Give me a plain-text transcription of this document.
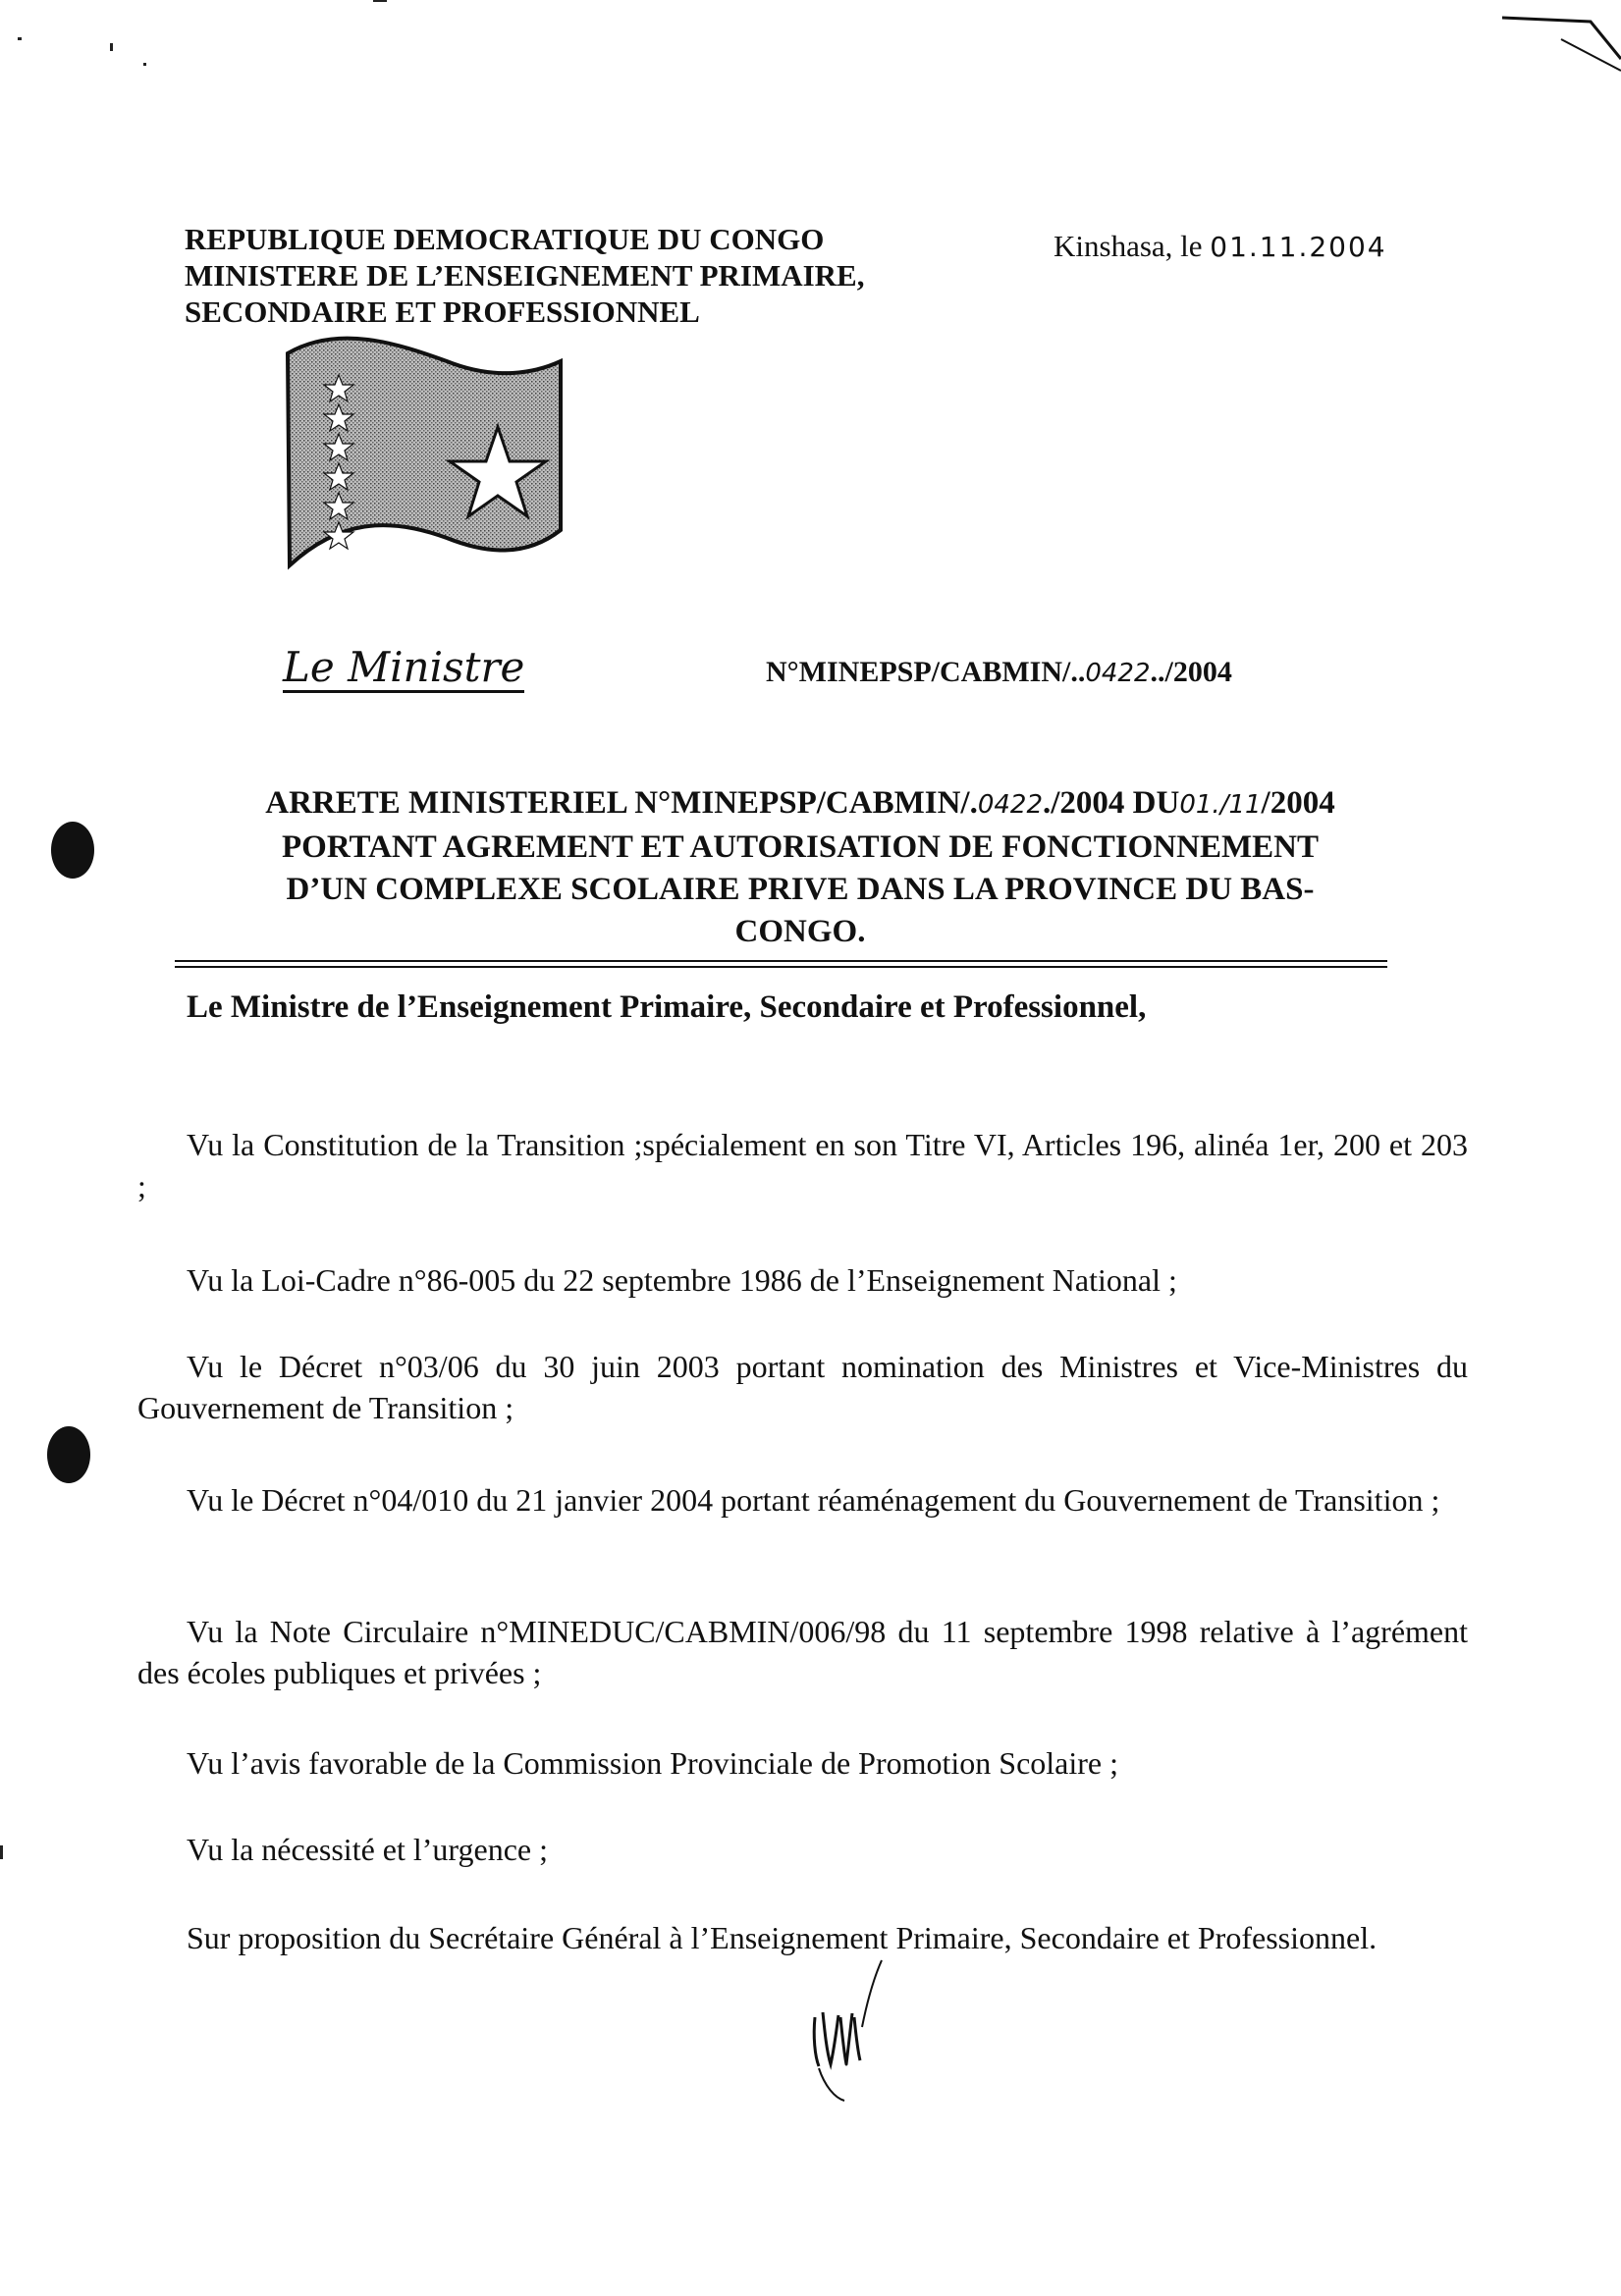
REPUBLIQUE DEMOCRATIQUE DU CONGO
MINISTERE DE L’ENSEIGNEMENT PRIMAIRE,
SECONDAIRE ET PROFESSIONNEL
Kinshasa, le 01.11.2004
Le Ministre	N°MINEPSP/CABMIN/..0422../2004
ARRETE MINISTERIEL N°MINEPSP/CABMIN/.0422./2004 DU01./11/2004
PORTANT AGREMENT ET AUTORISATION DE FONCTIONNEMENT
D’UN COMPLEXE SCOLAIRE PRIVE DANS LA PROVINCE DU BAS-
CONGO.
Le Ministre de l’Enseignement Primaire, Secondaire et Professionnel,
Vu la Constitution de la Transition ;spécialement en son Titre VI, Articles 196, alinéa 1er, 200 et 203 ;
Vu la Loi-Cadre n°86-005 du 22 septembre 1986 de l’Enseignement National ;
Vu le Décret n°03/06 du 30 juin 2003 portant nomination des Ministres et Vice-Ministres du Gouvernement de Transition ;
Vu le Décret n°04/010 du 21 janvier 2004 portant réaménagement du Gouvernement de Transition ;
Vu la Note Circulaire n°MINEDUC/CABMIN/006/98 du 11 septembre 1998 relative à l’agrément des écoles publiques et privées ;
Vu l’avis favorable de la Commission Provinciale de Promotion Scolaire ;
Vu la nécessité et l’urgence ;
Sur proposition du Secrétaire Général à l’Enseignement Primaire, Secondaire et Professionnel.
